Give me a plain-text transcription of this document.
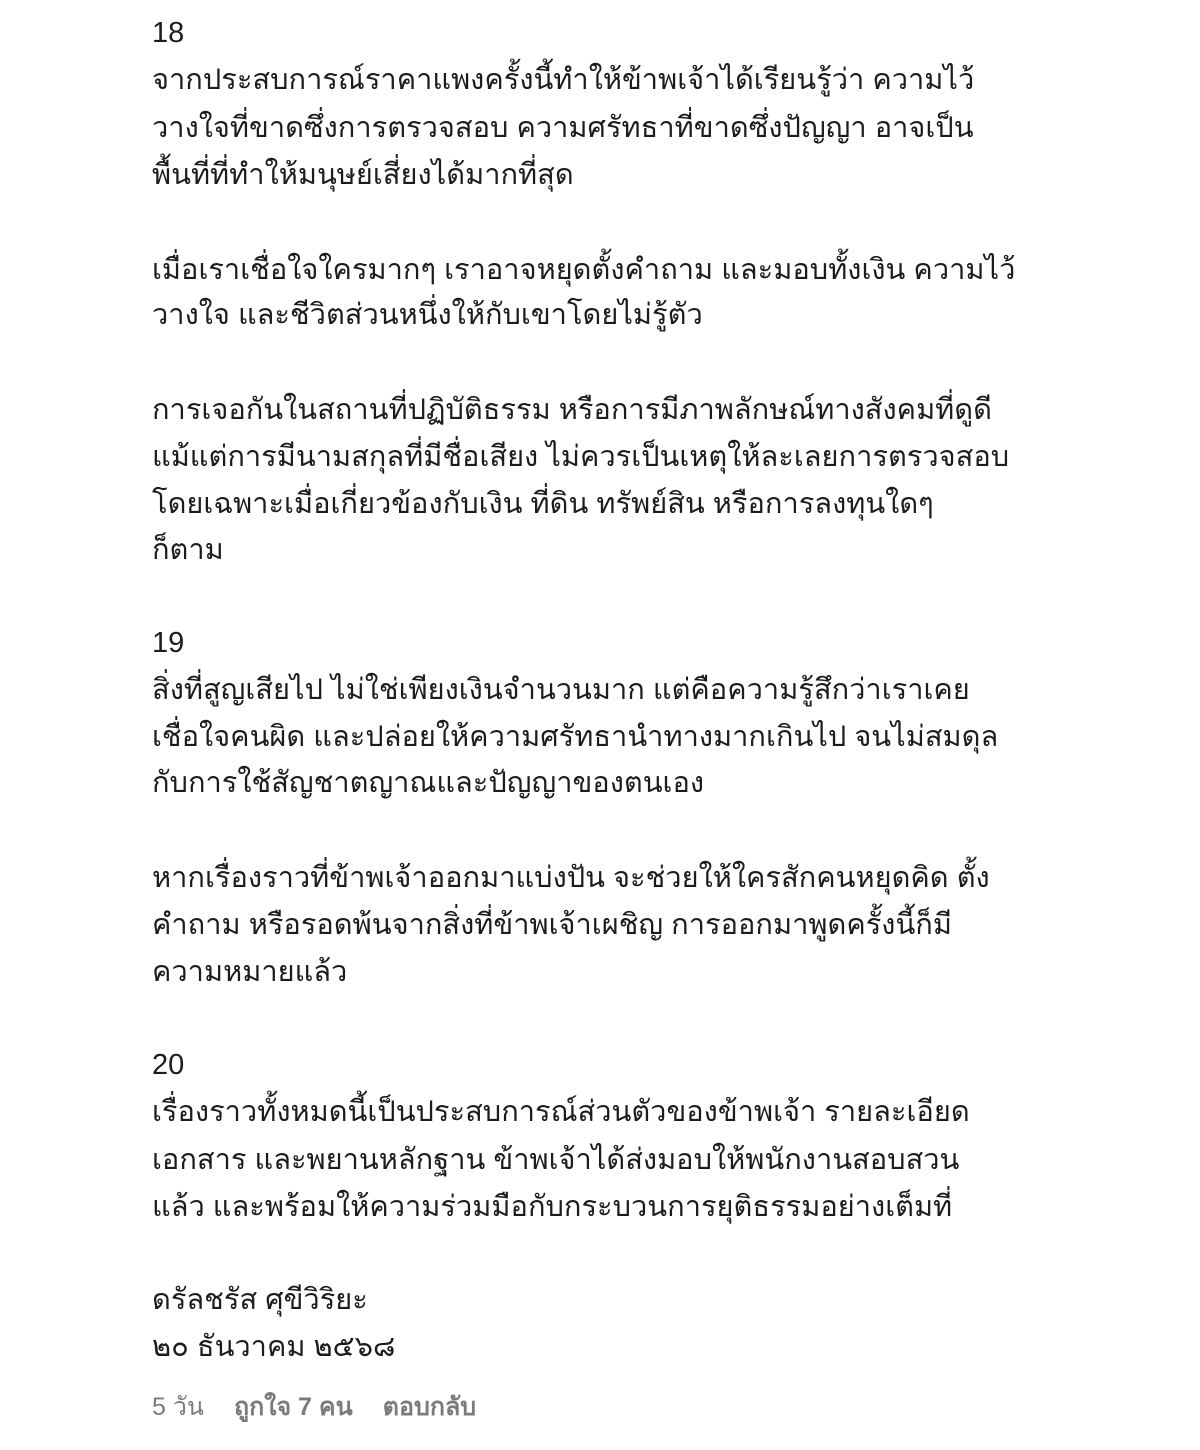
18
จากประสบการณ์ราคาแพงครั้งนี้ทำให้ข้าพเจ้าได้เรียนรู้ว่า ความไว้
วางใจที่ขาดซึ่งการตรวจสอบ ความศรัทธาที่ขาดซึ่งปัญญา อาจเป็น
พื้นที่ที่ทำให้มนุษย์เสี่ยงได้มากที่สุด
เมื่อเราเชื่อใจใครมากๆ เราอาจหยุดตั้งคำถาม และมอบทั้งเงิน ความไว้
วางใจ และชีวิตส่วนหนึ่งให้กับเขาโดยไม่รู้ตัว
การเจอกันในสถานที่ปฏิบัติธรรม หรือการมีภาพลักษณ์ทางสังคมที่ดูดี
แม้แต่การมีนามสกุลที่มีชื่อเสียง ไม่ควรเป็นเหตุให้ละเลยการตรวจสอบ
โดยเฉพาะเมื่อเกี่ยวข้องกับเงิน ที่ดิน ทรัพย์สิน หรือการลงทุนใดๆ
ก็ตาม
19
สิ่งที่สูญเสียไป ไม่ใช่เพียงเงินจำนวนมาก แต่คือความรู้สึกว่าเราเคย
เชื่อใจคนผิด และปล่อยให้ความศรัทธานำทางมากเกินไป จนไม่สมดุล
กับการใช้สัญชาตญาณและปัญญาของตนเอง
หากเรื่องราวที่ข้าพเจ้าออกมาแบ่งปัน จะช่วยให้ใครสักคนหยุดคิด ตั้ง
คำถาม หรือรอดพ้นจากสิ่งที่ข้าพเจ้าเผชิญ การออกมาพูดครั้งนี้ก็มี
ความหมายแล้ว
20
เรื่องราวทั้งหมดนี้เป็นประสบการณ์ส่วนตัวของข้าพเจ้า รายละเอียด
เอกสาร และพยานหลักฐาน ข้าพเจ้าได้ส่งมอบให้พนักงานสอบสวน
แล้ว และพร้อมให้ความร่วมมือกับกระบวนการยุติธรรมอย่างเต็มที่
ดรัลชรัส ศุขีวิริยะ
๒๐ ธันวาคม ๒๕๖๘
5 วัน ถูกใจ 7 คน ตอบกลับ
